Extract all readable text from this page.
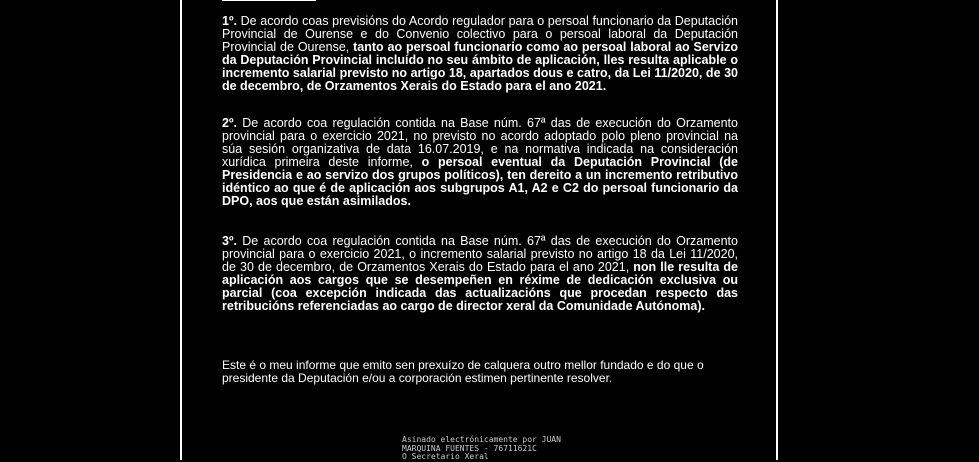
1º. De acordo coas previsións do Acordo regulador para o persoal funcionario da Deputación Provincial de Ourense e do Convenio colectivo para o persoal laboral da Deputación Provincial de Ourense, tanto ao persoal funcionario como ao persoal laboral ao Servizo da Deputación Provincial incluído no seu ámbito de aplicación, lles resulta aplicable o incremento salarial previsto no artigo 18, apartados dous e catro, da Lei 11/2020, de 30 de decembro, de Orzamentos Xerais do Estado para el ano 2021.

2º. De acordo coa regulación contida na Base núm. 67ª das de execución do Orzamento provincial para o exercicio 2021, no previsto no acordo adoptado polo pleno provincial na súa sesión organizativa de data 16.07.2019, e na normativa indicada na consideración xurídica primeira deste informe, o persoal eventual da Deputación Provincial (de Presidencia e ao servizo dos grupos políticos), ten dereito a un incremento retributivo idéntico ao que é de aplicación aos subgrupos A1, A2 e C2 do persoal funcionario da DPO, aos que están asimilados.

3º. De acordo coa regulación contida na Base núm. 67ª das de execución do Orzamento provincial para o exercicio 2021, o incremento salarial previsto no artigo 18 da Lei 11/2020, de 30 de decembro, de Orzamentos Xerais do Estado para el ano 2021, non lle resulta de aplicación aos cargos que se desempeñen en réxime de dedicación exclusiva ou parcial (coa excepción indicada das actualizacións que procedan respecto das retribucións referenciadas ao cargo de director xeral da Comunidade Autónoma).

Este é o meu informe que emito sen prexuízo de calquera outro mellor fundado e do que o presidente da Deputación e/ou a corporación estimen pertinente resolver.

Asinado electrónicamente por JUAN
MARQUINA FUENTES - 76711621C
O Secretario Xeral
